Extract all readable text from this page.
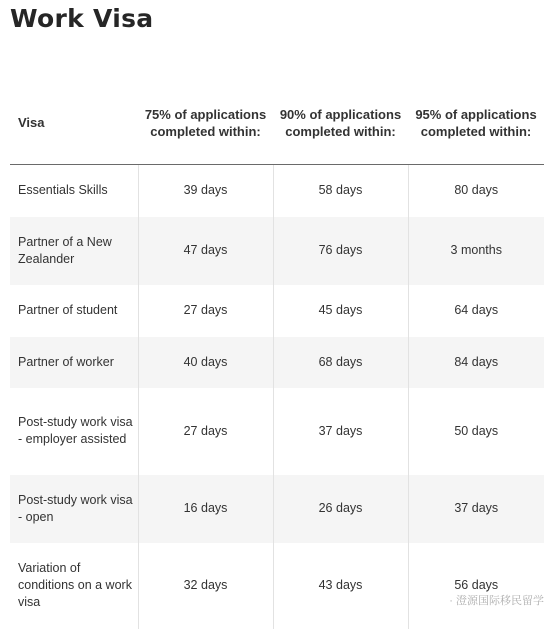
Work Visa
Visa	75% of applications completed within:	90% of applications completed within:	95% of applications completed within:
Essentials Skills	39 days	58 days	80 days
Partner of a New Zealander	47 days	76 days	3 months
Partner of student	27 days	45 days	64 days
Partner of worker	40 days	68 days	84 days
Post-study work visa - employer assisted	27 days	37 days	50 days
Post-study work visa - open	16 days	26 days	37 days
Variation of conditions on a work visa	32 days	43 days	56 days
· 澄源国际移民留学
